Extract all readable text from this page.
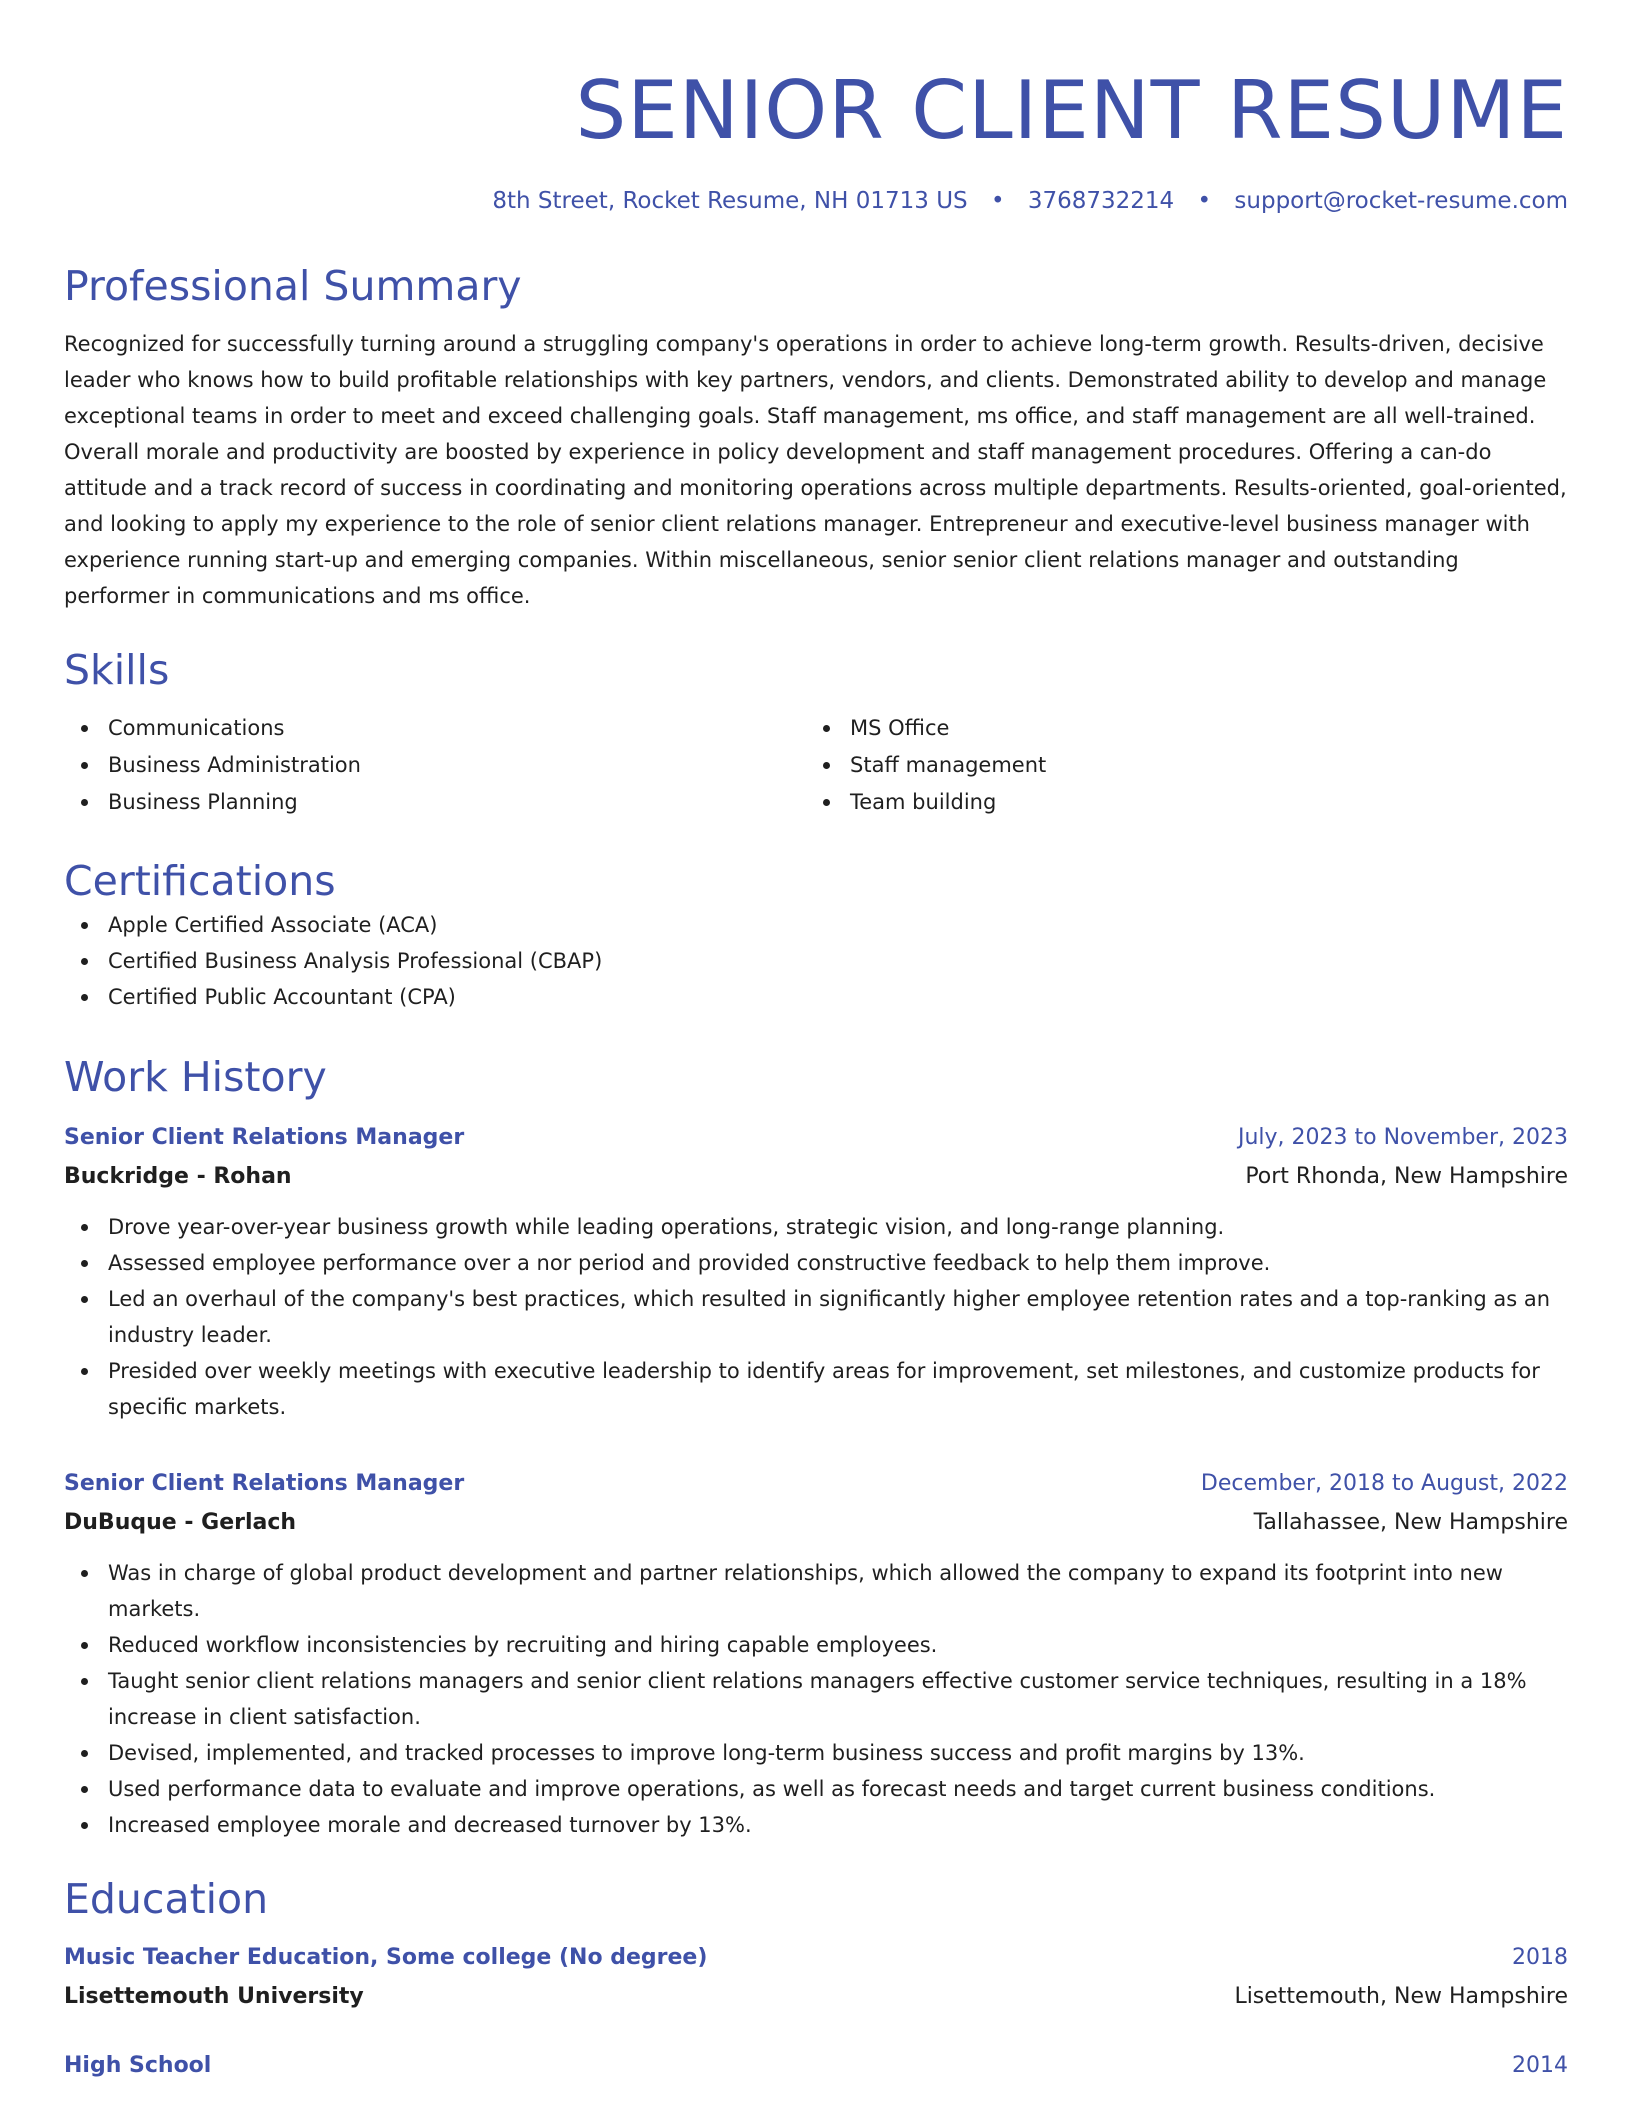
SENIOR CLIENT RESUME
8th Street, Rocket Resume, NH 01713 US • 3768732214 • support@rocket-resume.com
Professional Summary
Recognized for successfully turning around a struggling company's operations in order to achieve long-term growth. Results-driven, decisive leader who knows how to build profitable relationships with key partners, vendors, and clients. Demonstrated ability to develop and manage exceptional teams in order to meet and exceed challenging goals. Staff management, ms office, and staff management are all well-trained. Overall morale and productivity are boosted by experience in policy development and staff management procedures. Offering a can-do attitude and a track record of success in coordinating and monitoring operations across multiple departments. Results-oriented, goal-oriented, and looking to apply my experience to the role of senior client relations manager. Entrepreneur and executive-level business manager with experience running start-up and emerging companies. Within miscellaneous, senior senior client relations manager and outstanding performer in communications and ms office.
Skills
Communications
Business Administration
Business Planning
MS Office
Staff management
Team building
Certifications
Apple Certified Associate (ACA)
Certified Business Analysis Professional (CBAP)
Certified Public Accountant (CPA)
Work History
Senior Client Relations Manager	July, 2023 to November, 2023
Buckridge - Rohan	Port Rhonda, New Hampshire
Drove year-over-year business growth while leading operations, strategic vision, and long-range planning.
Assessed employee performance over a nor period and provided constructive feedback to help them improve.
Led an overhaul of the company's best practices, which resulted in significantly higher employee retention rates and a top-ranking as an industry leader.
Presided over weekly meetings with executive leadership to identify areas for improvement, set milestones, and customize products for specific markets.
Senior Client Relations Manager	December, 2018 to August, 2022
DuBuque - Gerlach	Tallahassee, New Hampshire
Was in charge of global product development and partner relationships, which allowed the company to expand its footprint into new markets.
Reduced workflow inconsistencies by recruiting and hiring capable employees.
Taught senior client relations managers and senior client relations managers effective customer service techniques, resulting in a 18% increase in client satisfaction.
Devised, implemented, and tracked processes to improve long-term business success and profit margins by 13%.
Used performance data to evaluate and improve operations, as well as forecast needs and target current business conditions.
Increased employee morale and decreased turnover by 13%.
Education
Music Teacher Education, Some college (No degree)	2018
Lisettemouth University	Lisettemouth, New Hampshire
High School	2014
